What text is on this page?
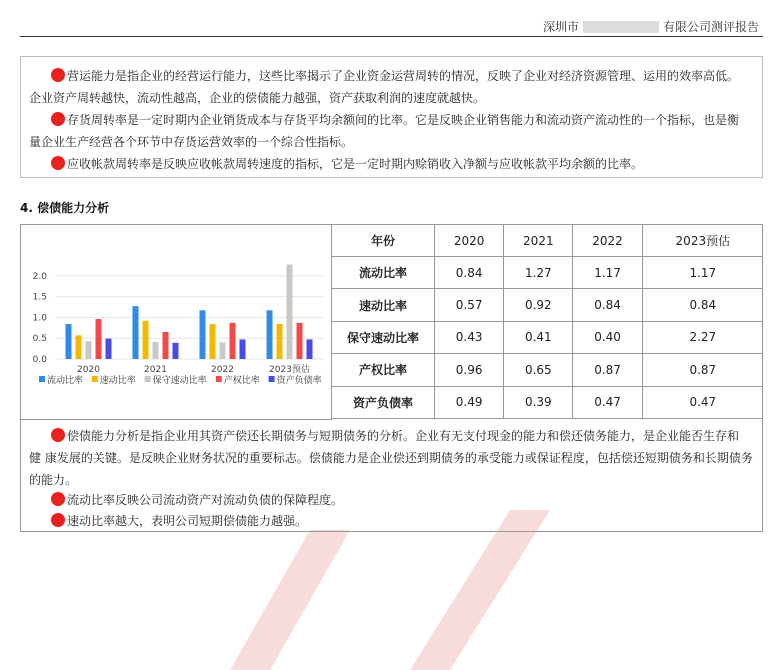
深圳市	有限公司测评报告
营运能力是指企业的经营运行能力，这些比率揭示了企业资金运营周转的情况，反映了企业对经济资源管理、运用的效率高低。
企业资产周转越快，流动性越高，企业的偿债能力越强，资产获取利润的速度就越快。
存货周转率是一定时期内企业销货成本与存货平均余额间的比率。它是反映企业销售能力和流动资产流动性的一个指标，也是衡
量企业生产经营各个环节中存货运营效率的一个综合性指标。
应收帐款周转率是反映应收帐款周转速度的指标，它是一定时期内赊销收入净额与应收帐款平均余额的比率。
4. 偿债能力分析
0.0
0.5
1.0
1.5
2.0
2020	2021	2022	2023预估
流动比率 速动比率 保守速动比率 产权比率 资产负债率
年份	2020	2021	2022	2023预估
流动比率	0.84	1.27	1.17	1.17
速动比率	0.57	0.92	0.84	0.84
保守速动比率	0.43	0.41	0.40	2.27
产权比率	0.96	0.65	0.87	0.87
资产负债率	0.49	0.39	0.47	0.47
偿债能力分析是指企业用其资产偿还长期债务与短期债务的分析。企业有无支付现金的能力和偿还债务能力，是企业能否生存和
健 康发展的关键。是反映企业财务状况的重要标志。偿债能力是企业偿还到期债务的承受能力或保证程度，包括偿还短期债务和长期债务
的能力。
流动比率反映公司流动资产对流动负债的保障程度。
速动比率越大，表明公司短期偿债能力越强。
